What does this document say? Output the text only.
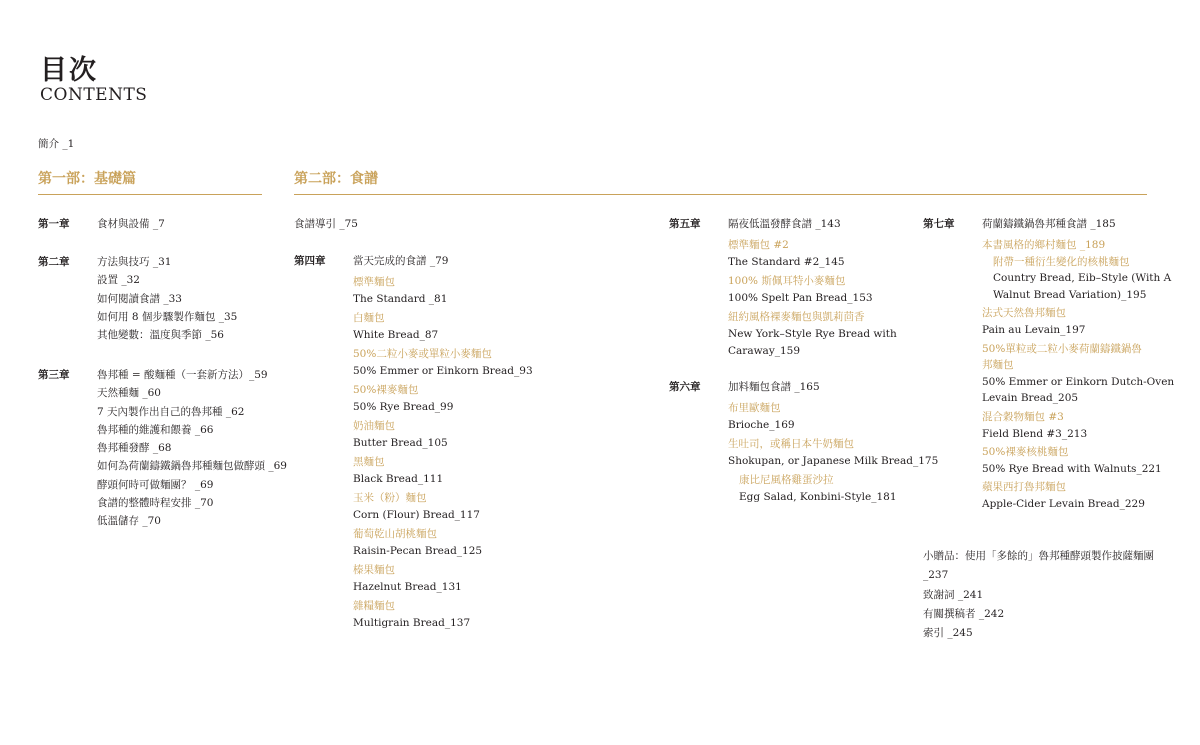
目次
CONTENTS
簡介 _1
第一部：基礎篇
第一章	食材與設備 _7
第二章	方法與技巧 _31
設置 _32
如何閱讀食譜 _33
如何用 8 個步驟製作麵包 _35
其他變數：溫度與季節 _56
第三章	魯邦種 = 酸麵種（一套新方法）_59
天然種麵 _60
7 天內製作出自己的魯邦種 _62
魯邦種的維護和餵養 _66
魯邦種發酵 _68
如何為荷蘭鑄鐵鍋魯邦種麵包做酵頭 _69
酵頭何時可做麵團？ _69
食譜的整體時程安排 _70
低溫儲存 _70
第二部：食譜
食譜導引 _75
第四章	當天完成的食譜 _79
標準麵包
The Standard _81
白麵包
White Bread_87
50%二粒小麥或單粒小麥麵包
50% Emmer or Einkorn Bread_93
50%裸麥麵包
50% Rye Bread_99
奶油麵包
Butter Bread_105
黑麵包
Black Bread_111
玉米（粉）麵包
Corn (Flour) Bread_117
葡萄乾山胡桃麵包
Raisin-Pecan Bread_125
榛果麵包
Hazelnut Bread_131
雜糧麵包
Multigrain Bread_137
第五章	隔夜低溫發酵食譜 _143
標準麵包 #2
The Standard #2_145
100% 斯佩耳特小麥麵包
100% Spelt Pan Bread_153
紐約風格裸麥麵包與凱莉茴香
New York–Style Rye Bread with
Caraway_159
第六章	加料麵包食譜 _165
布里歐麵包
Brioche_169
生吐司，或稱日本牛奶麵包
Shokupan, or Japanese Milk Bread_175
康比尼風格雞蛋沙拉
Egg Salad, Konbini-Style_181
第七章	荷蘭鑄鐵鍋魯邦種食譜 _185
本書風格的鄉村麵包 _189
附帶一種衍生變化的核桃麵包
Country Bread, Eib–Style (With A
Walnut Bread Variation)_195
法式天然魯邦麵包
Pain au Levain_197
50%單粒或二粒小麥荷蘭鑄鐵鍋魯
邦麵包
50% Emmer or Einkorn Dutch-Oven
Levain Bread_205
混合穀物麵包 #3
Field Blend #3_213
50%裸麥核桃麵包
50% Rye Bread with Walnuts_221
蘋果西打魯邦麵包
Apple-Cider Levain Bread_229
小贈品：使用「多餘的」魯邦種酵頭製作披薩麵團
_237
致謝詞 _241
有關撰稿者 _242
索引 _245
